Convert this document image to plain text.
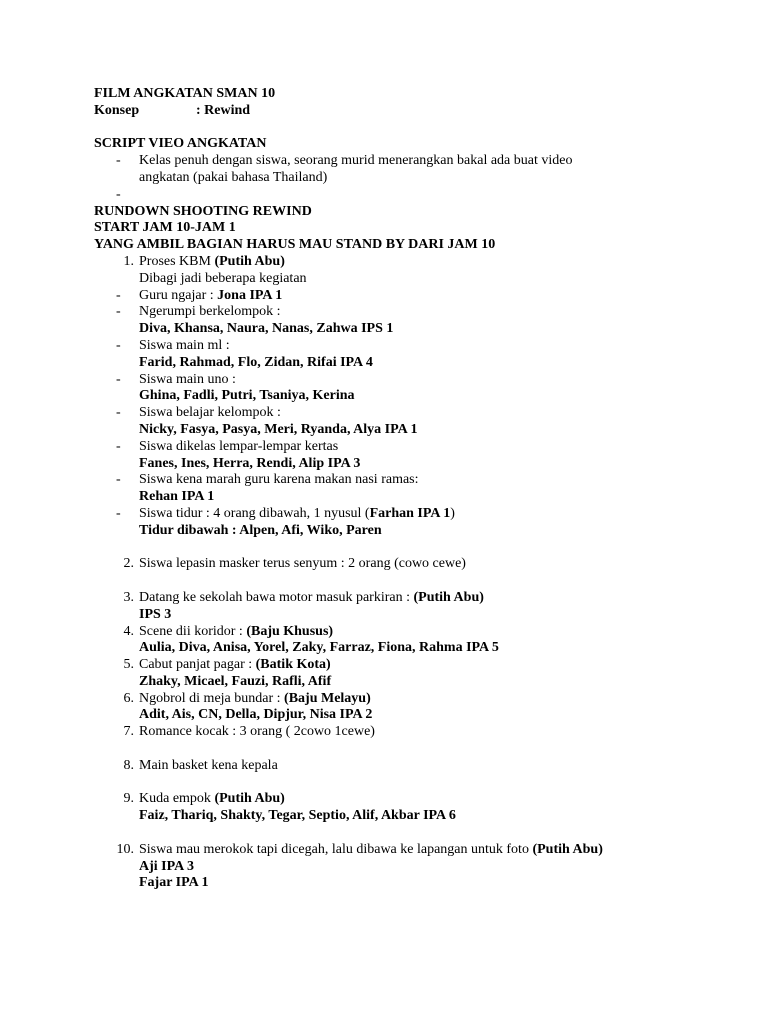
FILM ANGKATAN SMAN 10
Konsep	: Rewind
SCRIPT VIEO ANGKATAN
- Kelas penuh dengan siswa, seorang murid menerangkan bakal ada buat video
angkatan (pakai bahasa Thailand)
-
RUNDOWN SHOOTING REWIND
START JAM 10-JAM 1
YANG AMBIL BAGIAN HARUS MAU STAND BY DARI JAM 10
1. Proses KBM (Putih Abu)
Dibagi jadi beberapa kegiatan
- Guru ngajar : Jona IPA 1
- Ngerumpi berkelompok :
Diva, Khansa, Naura, Nanas, Zahwa IPS 1
- Siswa main ml :
Farid, Rahmad, Flo, Zidan, Rifai IPA 4
- Siswa main uno :
Ghina, Fadli, Putri, Tsaniya, Kerina
- Siswa belajar kelompok :
Nicky, Fasya, Pasya, Meri, Ryanda, Alya IPA 1
- Siswa dikelas lempar-lempar kertas
Fanes, Ines, Herra, Rendi, Alip IPA 3
- Siswa kena marah guru karena makan nasi ramas:
Rehan IPA 1
- Siswa tidur : 4 orang dibawah, 1 nyusul (Farhan IPA 1)
Tidur dibawah : Alpen, Afi, Wiko, Paren
2. Siswa lepasin masker terus senyum : 2 orang (cowo cewe)
3. Datang ke sekolah bawa motor masuk parkiran : (Putih Abu)
IPS 3
4. Scene dii koridor : (Baju Khusus)
Aulia, Diva, Anisa, Yorel, Zaky, Farraz, Fiona, Rahma IPA 5
5. Cabut panjat pagar : (Batik Kota)
Zhaky, Micael, Fauzi, Rafli, Afif
6. Ngobrol di meja bundar : (Baju Melayu)
Adit, Ais, CN, Della, Dipjur, Nisa IPA 2
7. Romance kocak : 3 orang ( 2cowo 1cewe)
8. Main basket kena kepala
9. Kuda empok (Putih Abu)
Faiz, Thariq, Shakty, Tegar, Septio, Alif, Akbar IPA 6
10. Siswa mau merokok tapi dicegah, lalu dibawa ke lapangan untuk foto (Putih Abu)
Aji IPA 3
Fajar IPA 1
